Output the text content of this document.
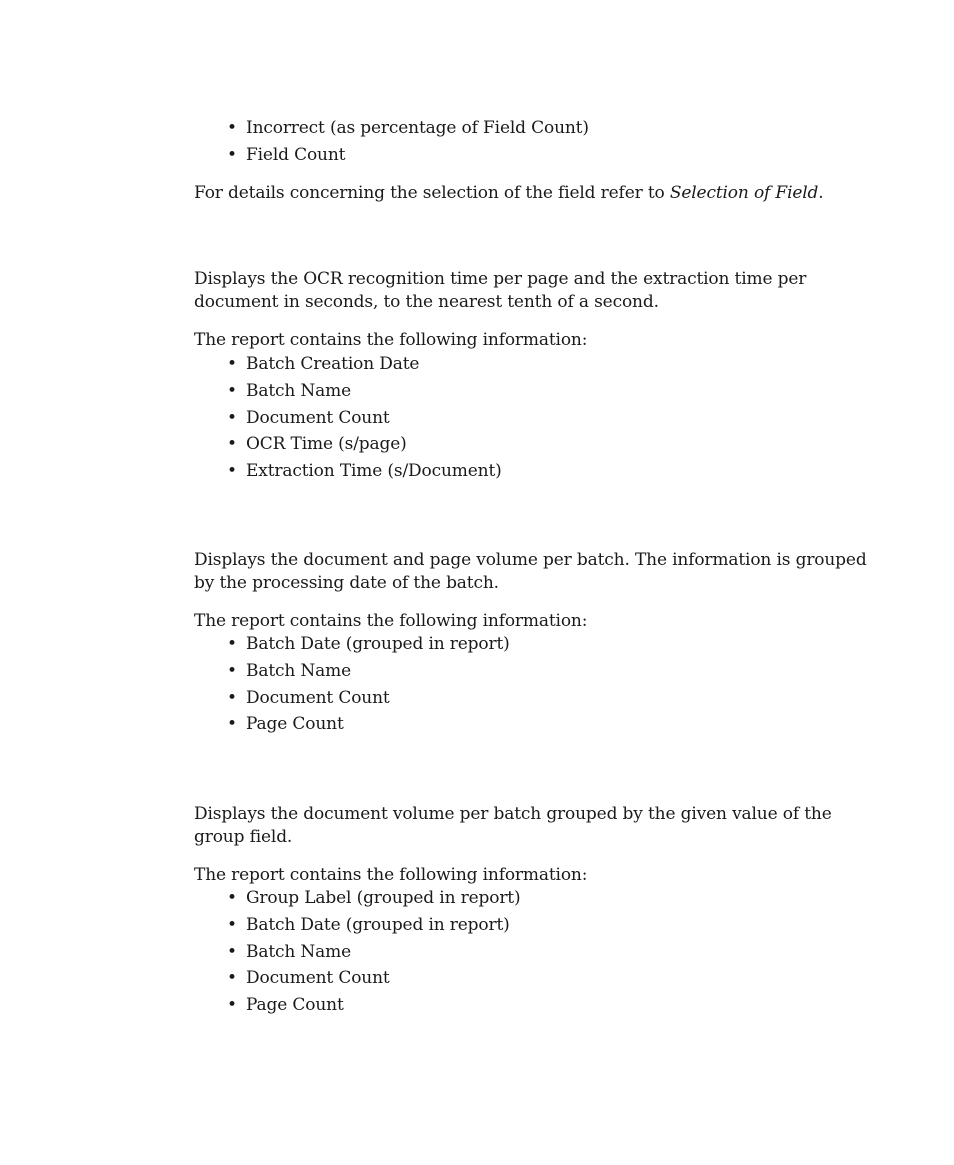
• Incorrect (as percentage of Field Count)
• Field Count

For details concerning the selection of the field refer to Selection of Field.

Displays the OCR recognition time per page and the extraction time per document in seconds, to the nearest tenth of a second.

The report contains the following information:

• Batch Creation Date
• Batch Name
• Document Count
• OCR Time (s/page)
• Extraction Time (s/Document)

Displays the document and page volume per batch. The information is grouped by the processing date of the batch.

The report contains the following information:

• Batch Date (grouped in report)
• Batch Name
• Document Count
• Page Count

Displays the document volume per batch grouped by the given value of the group field.

The report contains the following information:

• Group Label (grouped in report)
• Batch Date (grouped in report)
• Batch Name
• Document Count
• Page Count
